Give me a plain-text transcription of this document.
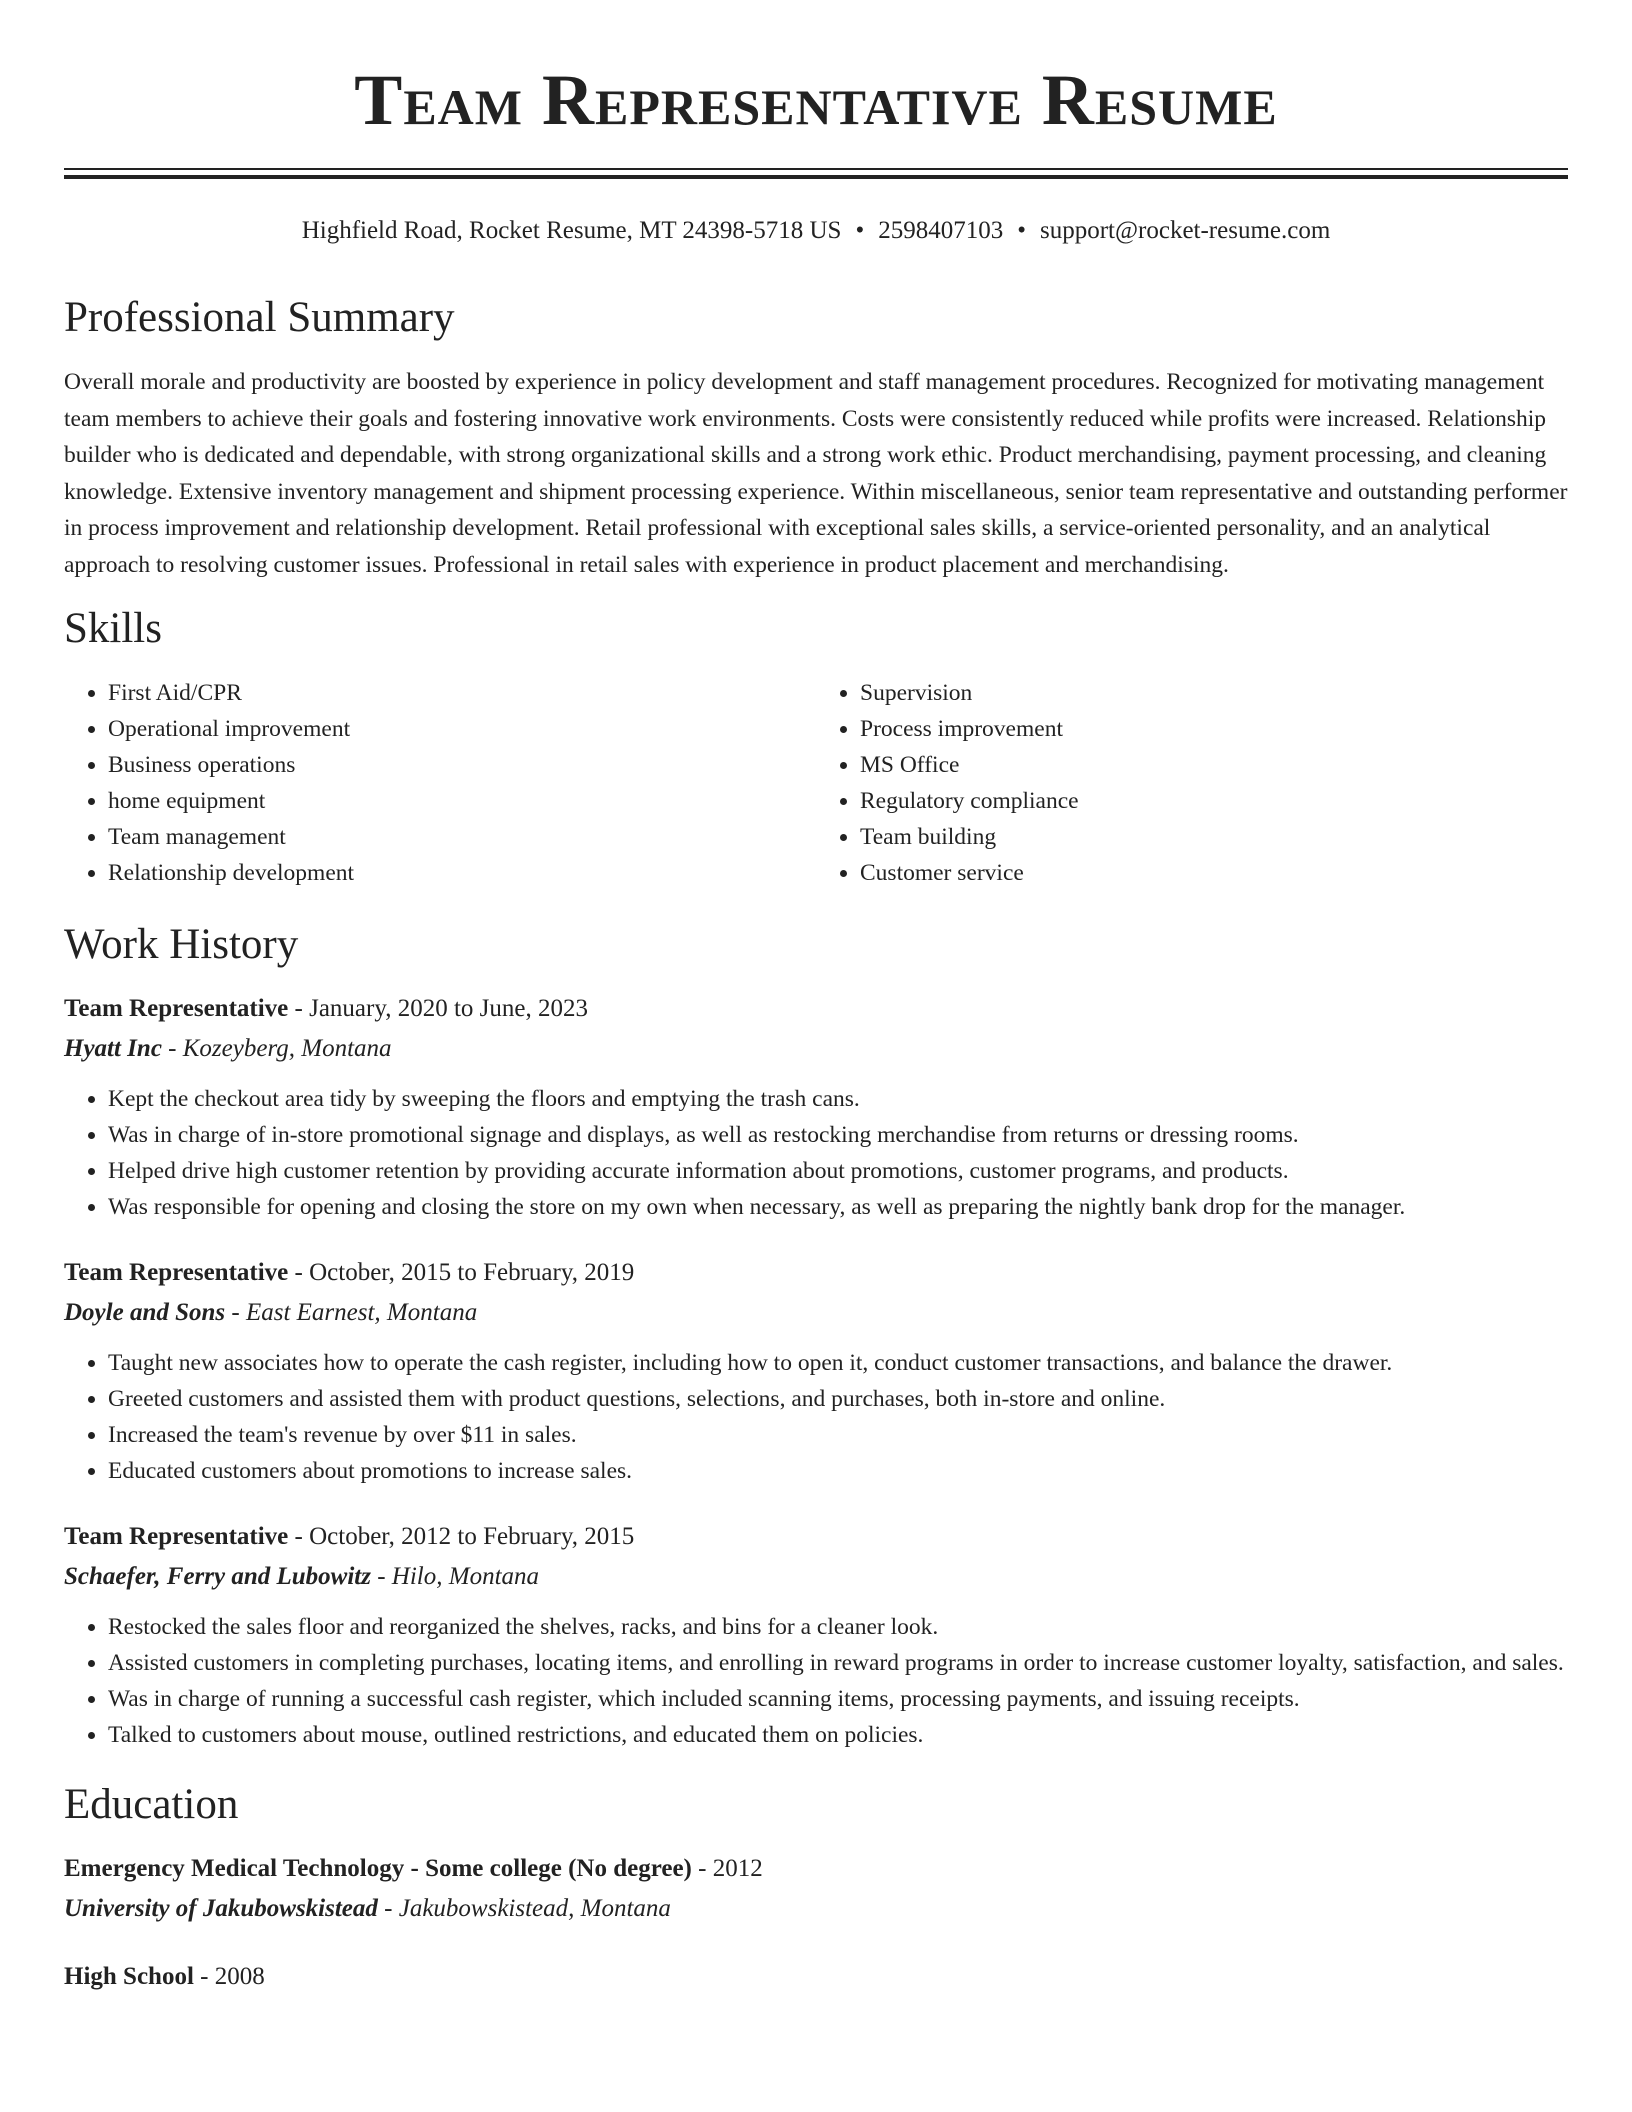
Team Representative Resume
Highfield Road, Rocket Resume, MT 24398-5718 US • 2598407103 • support@rocket-resume.com
Professional Summary

Overall morale and productivity are boosted by experience in policy development and staff management procedures. Recognized for motivating management team members to achieve their goals and fostering innovative work environments. Costs were consistently reduced while profits were increased. Relationship builder who is dedicated and dependable, with strong organizational skills and a strong work ethic. Product merchandising, payment processing, and cleaning knowledge. Extensive inventory management and shipment processing experience. Within miscellaneous, senior team representative and outstanding performer in process improvement and relationship development. Retail professional with exceptional sales skills, a service-oriented personality, and an analytical approach to resolving customer issues. Professional in retail sales with experience in product placement and merchandising.

Skills
• First Aid/CPR
• Operational improvement
• Business operations
• home equipment
• Team management
• Relationship development
• Supervision
• Process improvement
• MS Office
• Regulatory compliance
• Team building
• Customer service
Work History
Team Representative - January, 2020 to June, 2023
Hyatt Inc - Kozeyberg, Montana
• Kept the checkout area tidy by sweeping the floors and emptying the trash cans.
• Was in charge of in-store promotional signage and displays, as well as restocking merchandise from returns or dressing rooms.
• Helped drive high customer retention by providing accurate information about promotions, customer programs, and products.
• Was responsible for opening and closing the store on my own when necessary, as well as preparing the nightly bank drop for the manager.
Team Representative - October, 2015 to February, 2019
Doyle and Sons - East Earnest, Montana
• Taught new associates how to operate the cash register, including how to open it, conduct customer transactions, and balance the drawer.
• Greeted customers and assisted them with product questions, selections, and purchases, both in-store and online.
• Increased the team's revenue by over $11 in sales.
• Educated customers about promotions to increase sales.
Team Representative - October, 2012 to February, 2015
Schaefer, Ferry and Lubowitz - Hilo, Montana
• Restocked the sales floor and reorganized the shelves, racks, and bins for a cleaner look.
• Assisted customers in completing purchases, locating items, and enrolling in reward programs in order to increase customer loyalty, satisfaction, and sales.
• Was in charge of running a successful cash register, which included scanning items, processing payments, and issuing receipts.
• Talked to customers about mouse, outlined restrictions, and educated them on policies.
Education
Emergency Medical Technology - Some college (No degree) - 2012
University of Jakubowskistead - Jakubowskistead, Montana
High School - 2008
